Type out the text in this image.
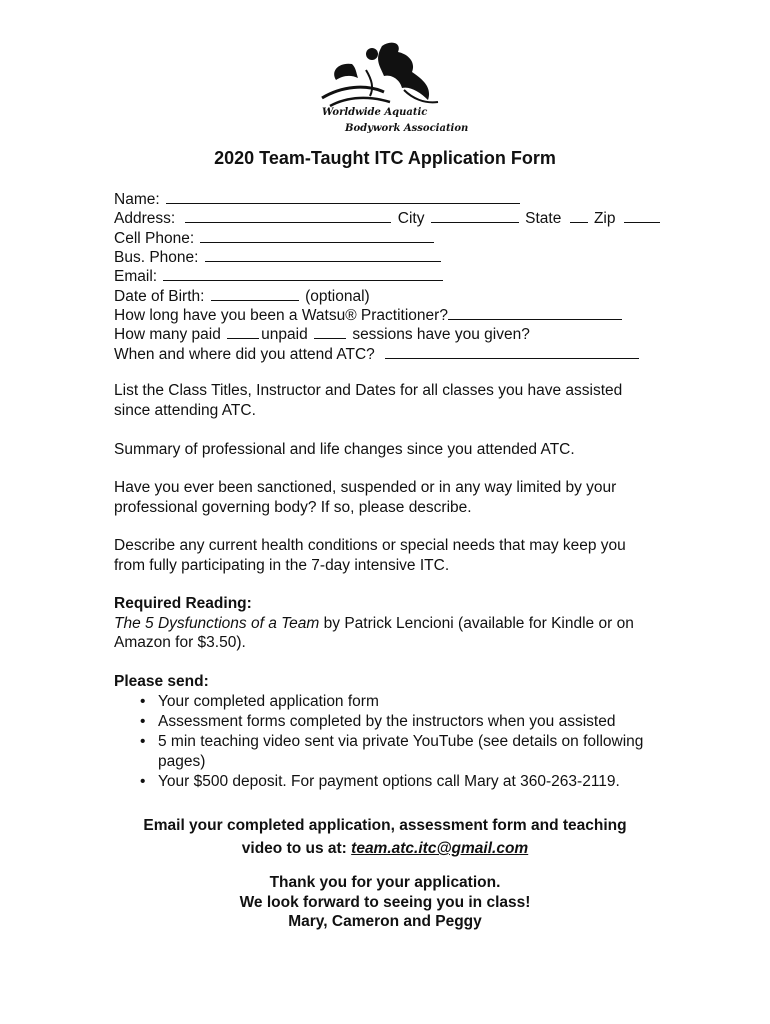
Worldwide Aquatic
Bodywork Association
2020 Team-Taught ITC Application Form
Name:
Address:	City	State Zip
Cell Phone:
Bus. Phone:
Email:
Date of Birth:	(optional)
How long have you been a Watsu® Practitioner?
How many paid	unpaid	sessions have you given?
When and where did you attend ATC?
List the Class Titles, Instructor and Dates for all classes you have assisted since attending ATC.
Summary of professional and life changes since you attended ATC.
Have you ever been sanctioned, suspended or in any way limited by your professional governing body? If so, please describe.
Describe any current health conditions or special needs that may keep you from fully participating in the 7-day intensive ITC.
Required Reading:
The 5 Dysfunctions of a Team by Patrick Lencioni (available for Kindle or on Amazon for $3.50).
Please send:
• Your completed application form
• Assessment forms completed by the instructors when you assisted
• 5 min teaching video sent via private YouTube (see details on following pages)
• Your $500 deposit. For payment options call Mary at 360-263-2119.
Email your completed application, assessment form and teaching
video to us at: team.atc.itc@gmail.com
Thank you for your application.
We look forward to seeing you in class!
Mary, Cameron and Peggy
